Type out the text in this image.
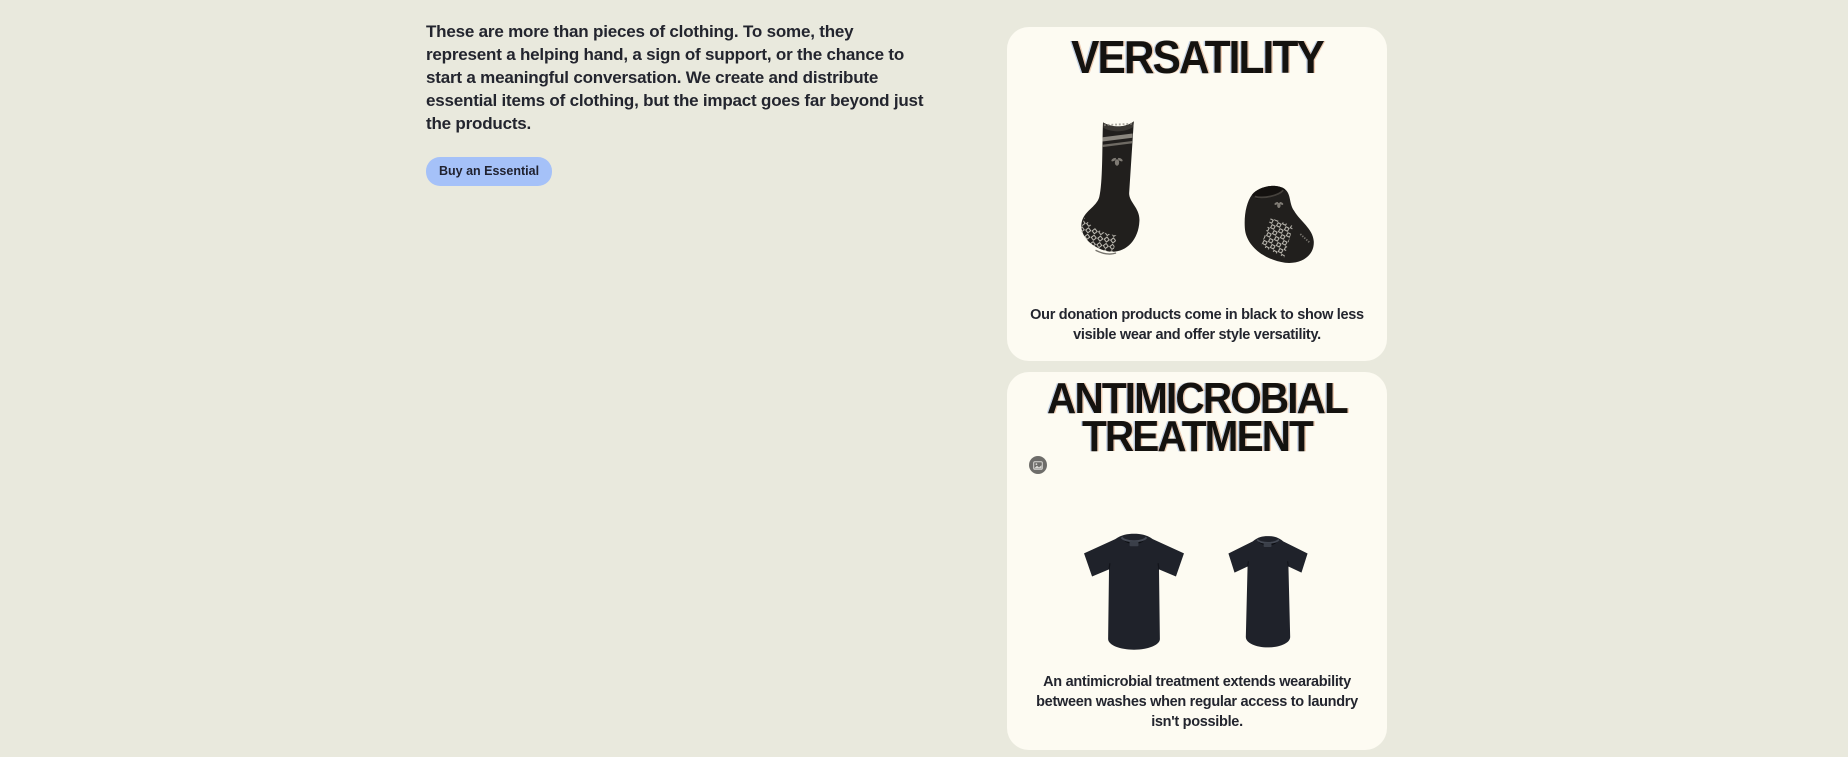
These are more than pieces of clothing. To some, they
represent a helping hand, a sign of support, or the chance to
start a meaningful conversation. We create and distribute
essential items of clothing, but the impact goes far beyond just
the products.

Buy an Essential
VERSATILITY

Our donation products come in black to show less
visible wear and offer style versatility.

ANTIMICROBIAL
TREATMENT

An antimicrobial treatment extends wearability
between washes when regular access to laundry
isn't possible.
